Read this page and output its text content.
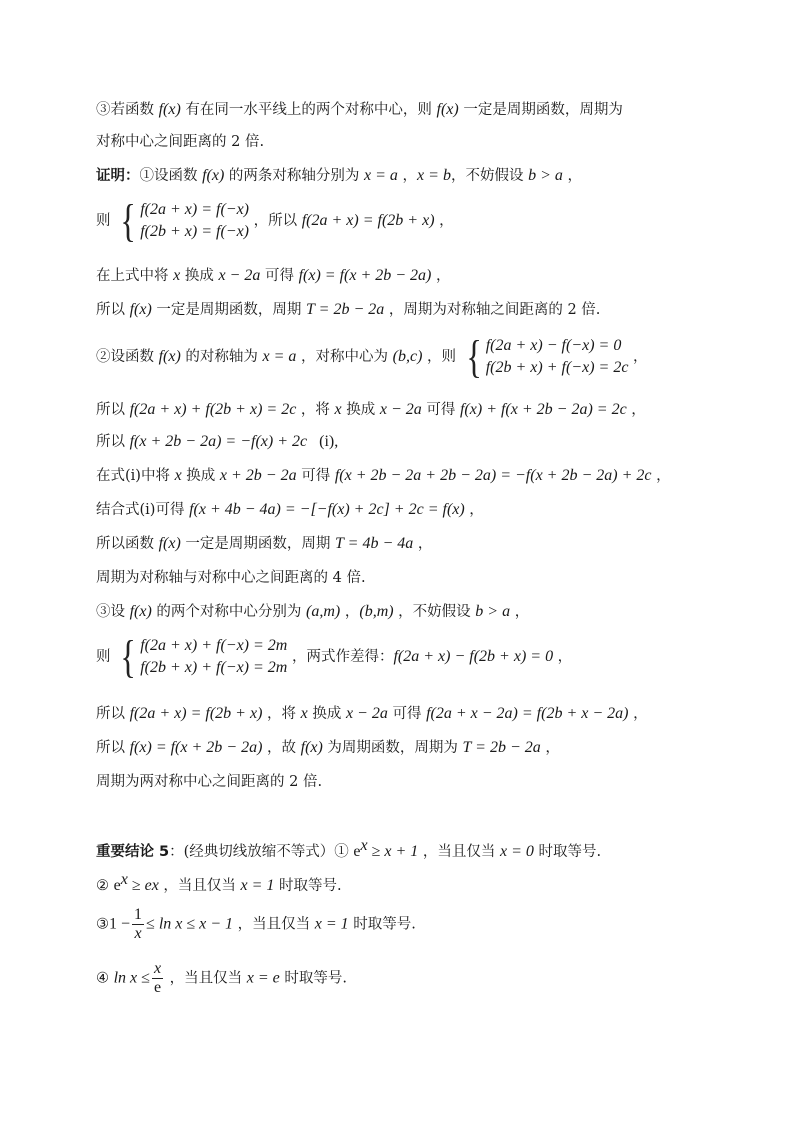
③若函数 f(x) 有在同一水平线上的两个对称中心，则 f(x) 一定是周期函数，周期为
对称中心之间距离的 2 倍.
证明：①设函数 f(x) 的两条对称轴分别为 x = a ，x = b，不妨假设 b > a ，
则 { f(2a + x) = f(−x)
f(2b + x) = f(−x)
，所以 f(2a + x) = f(2b + x) ，
在上式中将 x 换成 x − 2a 可得 f(x) = f(x + 2b − 2a) ，
所以 f(x) 一定是周期函数，周期 T = 2b − 2a ，周期为对称轴之间距离的 2 倍.
②设函数 f(x) 的对称轴为 x = a ，对称中心为 (b,c) ，则 { f(2a + x) − f(−x) = 0
f(2b + x) + f(−x) = 2c
，
所以 f(2a + x) + f(2b + x) = 2c ，将 x 换成 x − 2a 可得 f(x) + f(x + 2b − 2a) = 2c ，
所以 f(x + 2b − 2a) = −f(x) + 2c   (i),
在式(i)中将 x 换成 x + 2b − 2a 可得 f(x + 2b − 2a + 2b − 2a) = −f(x + 2b − 2a) + 2c ，
结合式(i)可得 f(x + 4b − 4a) = −[−f(x) + 2c] + 2c = f(x) ，
所以函数 f(x) 一定是周期函数，周期 T = 4b − 4a ，
周期为对称轴与对称中心之间距离的 4 倍.
③设 f(x) 的两个对称中心分别为 (a,m) ，(b,m) ，不妨假设 b > a ，
则 { f(2a + x) + f(−x) = 2m
f(2b + x) + f(−x) = 2m
，两式作差得：f(2a + x) − f(2b + x) = 0 ，
所以 f(2a + x) = f(2b + x) ，将 x 换成 x − 2a 可得 f(2a + x − 2a) = f(2b + x − 2a) ，
所以 f(x) = f(x + 2b − 2a) ，故 f(x) 为周期函数，周期为 T = 2b − 2a ，
周期为两对称中心之间距离的 2 倍.
重要结论 5：(经典切线放缩不等式）① $e^x \ge x + 1$ ，当且仅当 x = 0 时取等号.
② $e^x$ ≥ ex ，当且仅当 x = 1 时取等号.
③1 − $\frac{1}{x} \le \ln x \le x - 1$ ，当且仅当 x = 1 时取等号.
④ $\ln x \le \frac{x}{e}$ ，当且仅当 x = e 时取等号.
